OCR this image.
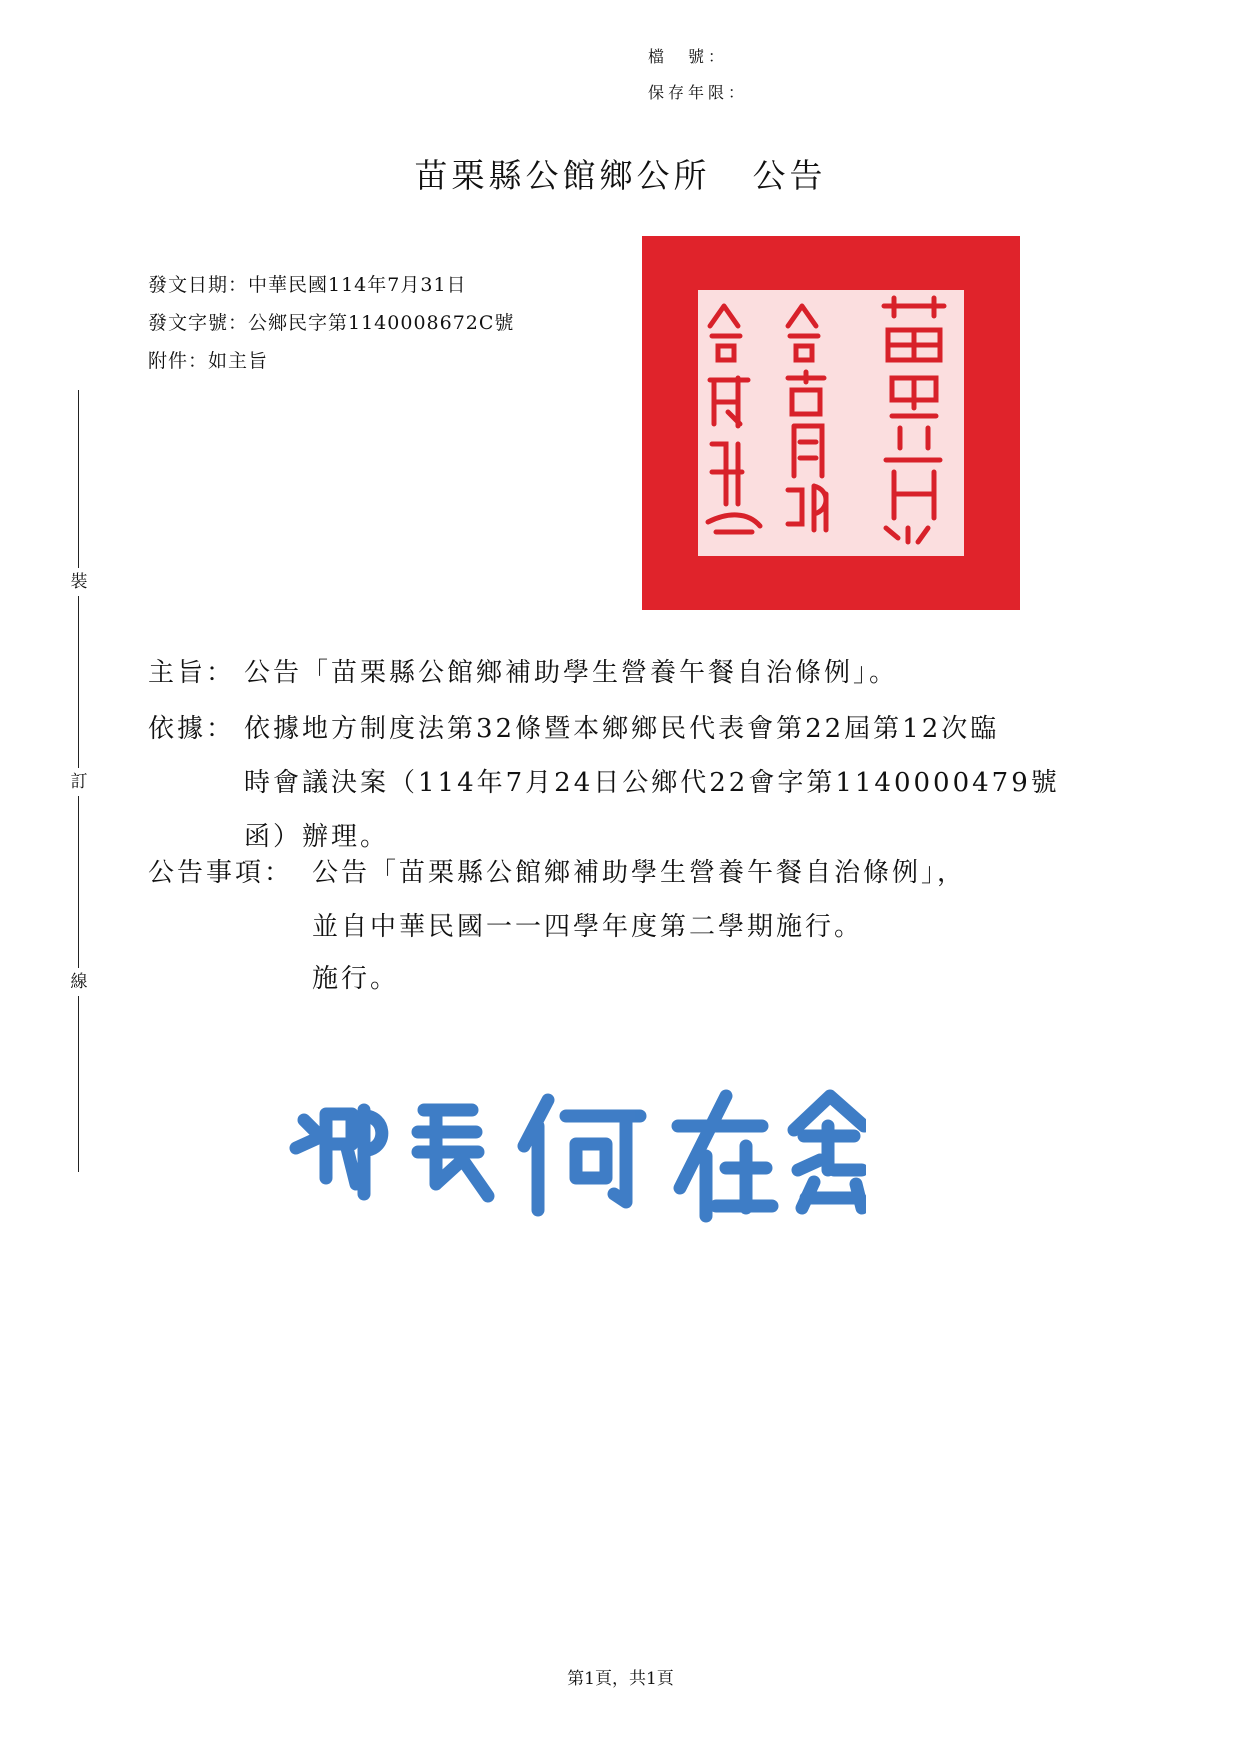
檔　號：
保存年限：
苗栗縣公館鄉公所 公告
發文日期：中華民國114年7月31日
發文字號：公鄉民字第1140008672C號
附件：如主旨
裝
訂
線
主旨： 公告「苗栗縣公館鄉補助學生營養午餐自治條例」。
依據： 依據地方制度法第32條暨本鄉鄉民代表會第22屆第12次臨
時會議決案（114年7月24日公鄉代22會字第1140000479號
函）辦理。
公告事項： 公告「苗栗縣公館鄉補助學生營養午餐自治條例」，
並自中華民國一一四學年度第二學期施行。
施行。
第1頁，共1頁
